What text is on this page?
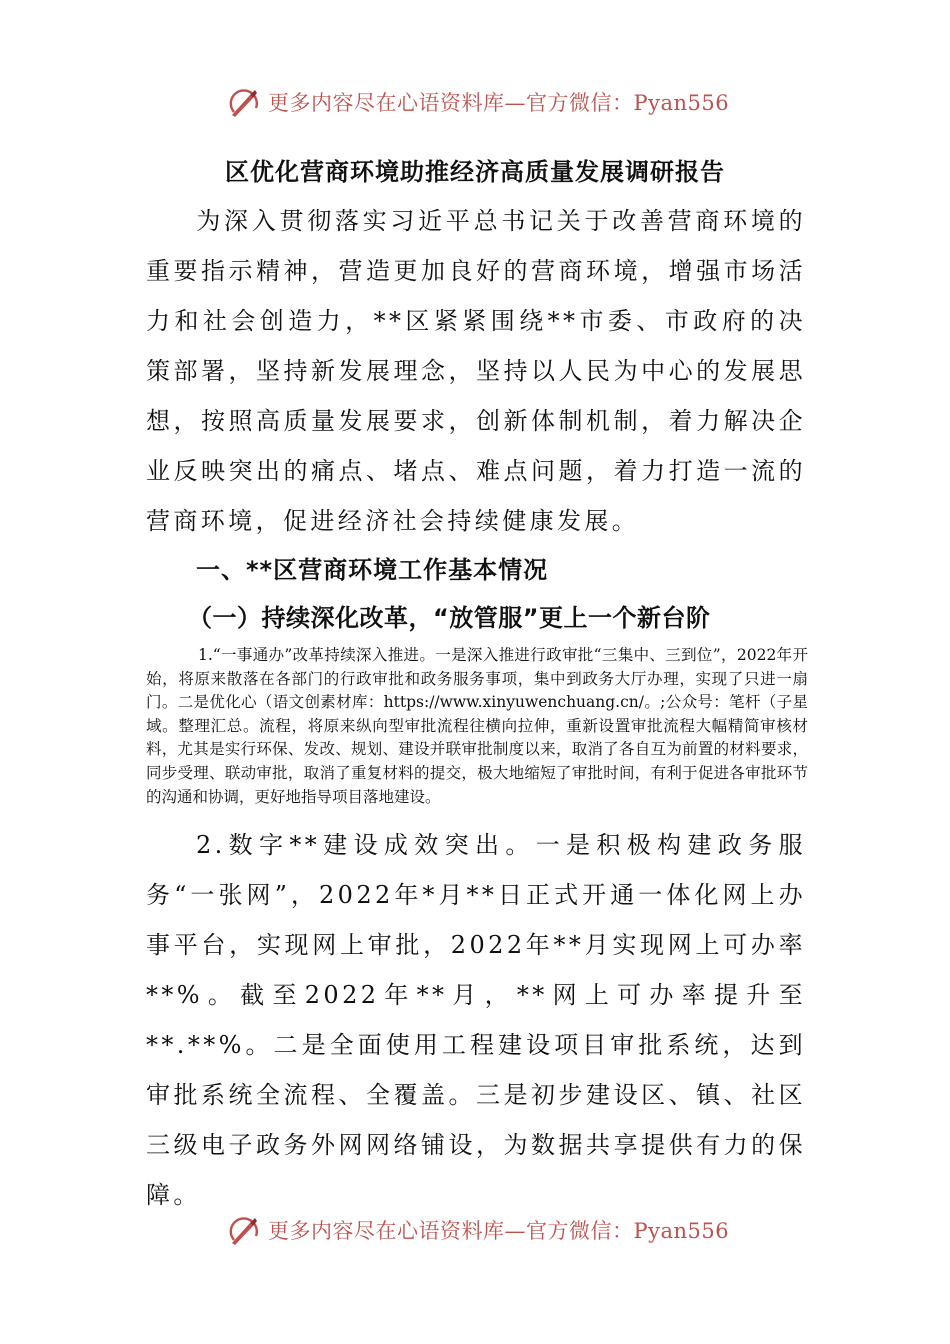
更多内容尽在心语资料库—官方微信：Pyan556
区优化营商环境助推经济高质量发展调研报告

为深入贯彻落实习近平总书记关于改善营商环境的重要指示精神，营造更加良好的营商环境，增强市场活力和社会创造力，**区紧紧围绕**市委、市政府的决策部署，坚持新发展理念，坚持以人民为中心的发展思想，按照高质量发展要求，创新体制机制，着力解决企业反映突出的痛点、堵点、难点问题，着力打造一流的营商环境，促进经济社会持续健康发展。

一、**区营商环境工作基本情况
（一）持续深化改革，“放管服”更上一个新台阶

1.“一事通办”改革持续深入推进。一是深入推进行政审批“三集中、三到位”，2022年开始，将原来散落在各部门的行政审批和政务服务事项，集中到政务大厅办理，实现了只进一扇门。二是优化心（语文创素材库：https://www.xinyuwenchuang.cn/。;公众号：笔杆（子星域。整理汇总。流程，将原来纵向型审批流程往横向拉伸，重新设置审批流程大幅精简审核材料，尤其是实行环保、发改、规划、建设并联审批制度以来，取消了各自互为前置的材料要求，同步受理、联动审批，取消了重复材料的提交，极大地缩短了审批时间，有利于促进各审批环节的沟通和协调，更好地指导项目落地建设。

2.数字**建设成效突出。一是积极构建政务服务“一张网”，2022年*月**日正式开通一体化网上办事平台，实现网上审批，2022年**月实现网上可办率**%。截至2022年**月，**网上可办率提升至**.**%。二是全面使用工程建设项目审批系统，达到审批系统全流程、全覆盖。三是初步建设区、镇、社区三级电子政务外网网络铺设，为数据共享提供有力的保障。

更多内容尽在心语资料库—官方微信：Pyan556
